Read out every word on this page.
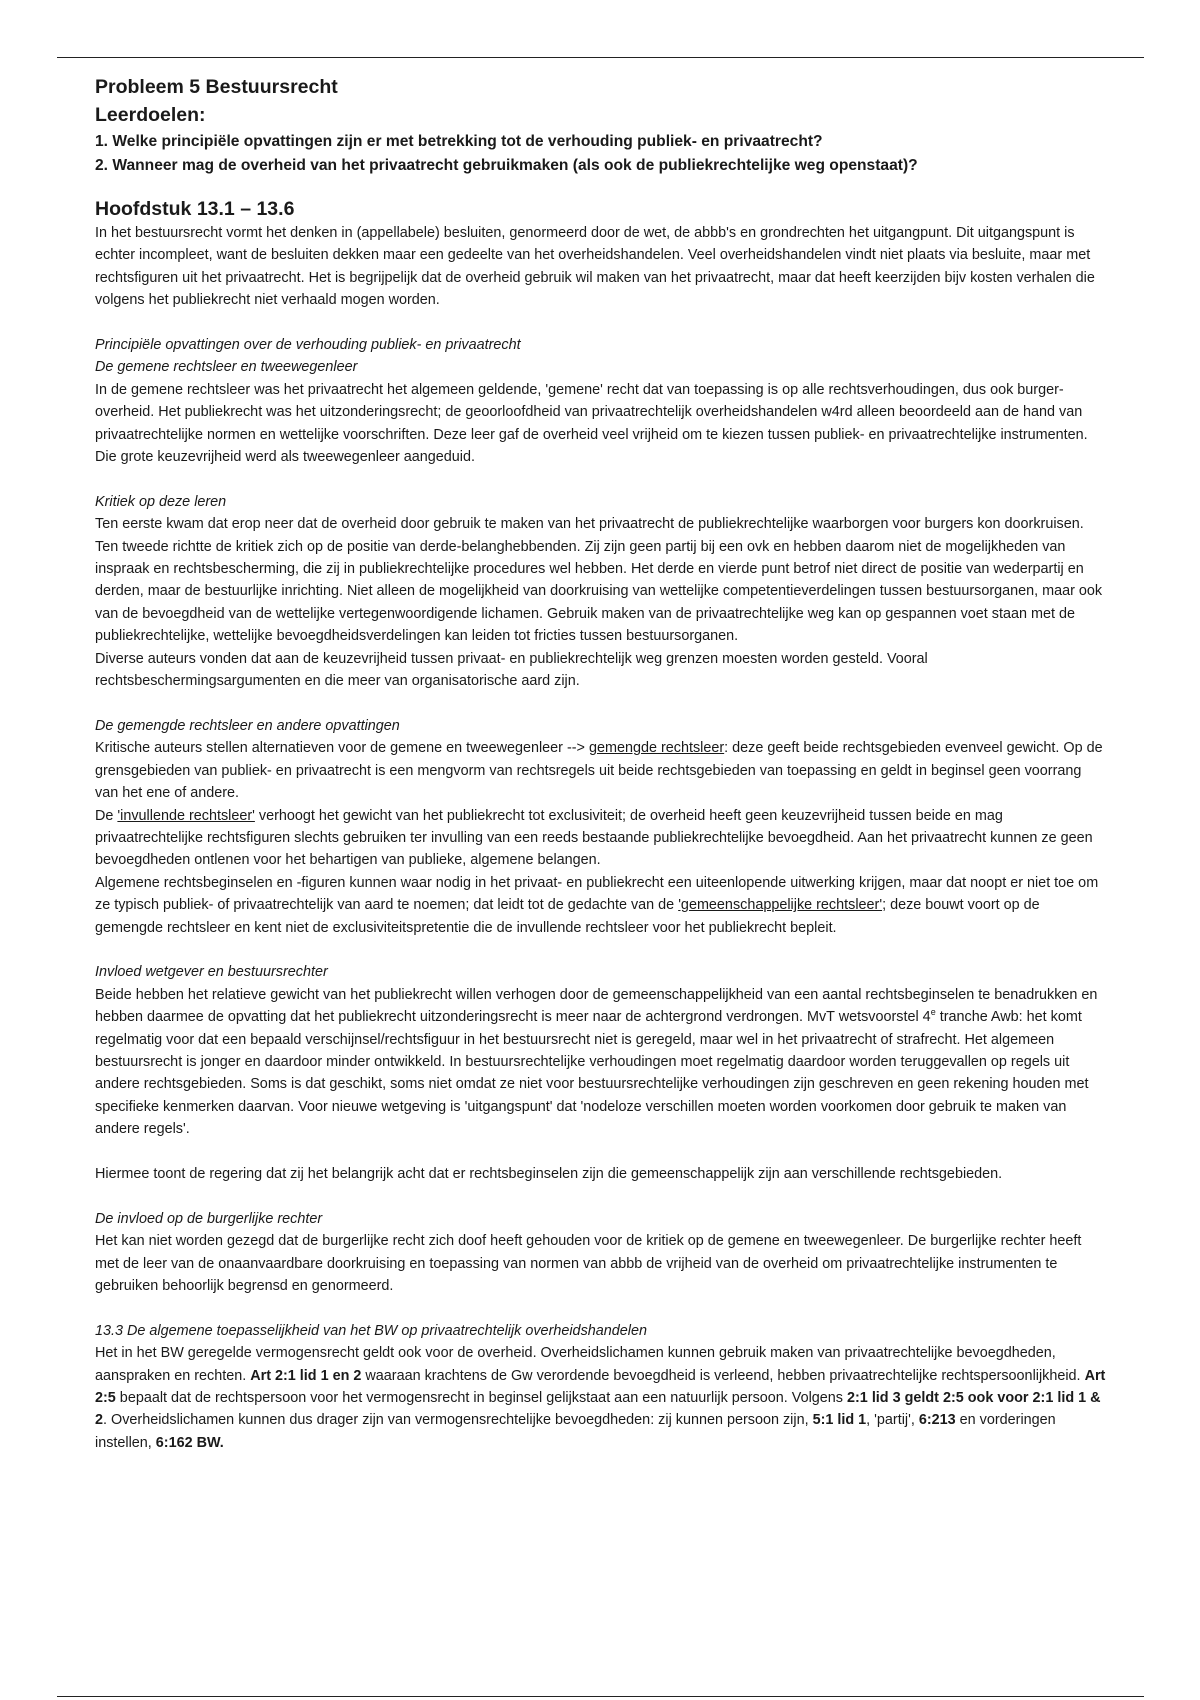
Probleem 5 Bestuursrecht
Leerdoelen:

1. Welke principiële opvattingen zijn er met betrekking tot de verhouding publiek- en privaatrecht?

2. Wanneer mag de overheid van het privaatrecht gebruikmaken (als ook de publiekrechtelijke weg openstaat)?

Hoofdstuk 13.1 – 13.6

In het bestuursrecht vormt het denken in (appellabele) besluiten, genormeerd door de wet, de abbb's en grondrechten het uitgangpunt. Dit uitgangspunt is echter incompleet, want de besluiten dekken maar een gedeelte van het overheidshandelen. Veel overheidshandelen vindt niet plaats via besluite, maar met rechtsfiguren uit het privaatrecht. Het is begrijpelijk dat de overheid gebruik wil maken van het privaatrecht, maar dat heeft keerzijden bijv kosten verhalen die volgens het publiekrecht niet verhaald mogen worden.

Principiële opvattingen over de verhouding publiek- en privaatrecht

De gemene rechtsleer en tweewegenleer

In de gemene rechtsleer was het privaatrecht het algemeen geldende, 'gemene' recht dat van toepassing is op alle rechtsverhoudingen, dus ook burger-overheid. Het publiekrecht was het uitzonderingsrecht; de geoorloofdheid van privaatrechtelijk overheidshandelen w4rd alleen beoordeeld aan de hand van privaatrechtelijke normen en wettelijke voorschriften. Deze leer gaf de overheid veel vrijheid om te kiezen tussen publiek- en privaatrechtelijke instrumenten. Die grote keuzevrijheid werd als tweewegenleer aangeduid.

Kritiek op deze leren

Ten eerste kwam dat erop neer dat de overheid door gebruik te maken van het privaatrecht de publiekrechtelijke waarborgen voor burgers kon doorkruisen. Ten tweede richtte de kritiek zich op de positie van derde-belanghebbenden. Zij zijn geen partij bij een ovk en hebben daarom niet de mogelijkheden van inspraak en rechtsbescherming, die zij in publiekrechtelijke procedures wel hebben. Het derde en vierde punt betrof niet direct de positie van wederpartij en derden, maar de bestuurlijke inrichting. Niet alleen de mogelijkheid van doorkruising van wettelijke competentieverdelingen tussen bestuursorganen, maar ook van de bevoegdheid van de wettelijke vertegenwoordigende lichamen. Gebruik maken van de privaatrechtelijke weg kan op gespannen voet staan met de publiekrechtelijke, wettelijke bevoegdheidsverdelingen kan leiden tot fricties tussen bestuursorganen.

Diverse auteurs vonden dat aan de keuzevrijheid tussen privaat- en publiekrechtelijk weg grenzen moesten worden gesteld. Vooral rechtsbeschermingsargumenten en die meer van organisatorische aard zijn.

De gemengde rechtsleer en andere opvattingen

Kritische auteurs stellen alternatieven voor de gemene en tweewegenleer --> gemengde rechtsleer: deze geeft beide rechtsgebieden evenveel gewicht. Op de grensgebieden van publiek- en privaatrecht is een mengvorm van rechtsregels uit beide rechtsgebieden van toepassing en geldt in beginsel geen voorrang van het ene of andere.

De 'invullende rechtsleer' verhoogt het gewicht van het publiekrecht tot exclusiviteit; de overheid heeft geen keuzevrijheid tussen beide en mag privaatrechtelijke rechtsfiguren slechts gebruiken ter invulling van een reeds bestaande publiekrechtelijke bevoegdheid. Aan het privaatrecht kunnen ze geen bevoegdheden ontlenen voor het behartigen van publieke, algemene belangen.

Algemene rechtsbeginselen en -figuren kunnen waar nodig in het privaat- en publiekrecht een uiteenlopende uitwerking krijgen, maar dat noopt er niet toe om ze typisch publiek- of privaatrechtelijk van aard te noemen; dat leidt tot de gedachte van de 'gemeenschappelijke rechtsleer'; deze bouwt voort op de gemengde rechtsleer en kent niet de exclusiviteitspretentie die de invullende rechtsleer voor het publiekrecht bepleit.

Invloed wetgever en bestuursrechter

Beide hebben het relatieve gewicht van het publiekrecht willen verhogen door de gemeenschappelijkheid van een aantal rechtsbeginselen te benadrukken en hebben daarmee de opvatting dat het publiekrecht uitzonderingsrecht is meer naar de achtergrond verdrongen. MvT wetsvoorstel 4e tranche Awb: het komt regelmatig voor dat een bepaald verschijnsel/rechtsfiguur in het bestuursrecht niet is geregeld, maar wel in het privaatrecht of strafrecht. Het algemeen bestuursrecht is jonger en daardoor minder ontwikkeld. In bestuursrechtelijke verhoudingen moet regelmatig daardoor worden teruggevallen op regels uit andere rechtsgebieden. Soms is dat geschikt, soms niet omdat ze niet voor bestuursrechtelijke verhoudingen zijn geschreven en geen rekening houden met specifieke kenmerken daarvan. Voor nieuwe wetgeving is 'uitgangspunt' dat 'nodeloze verschillen moeten worden voorkomen door gebruik te maken van andere regels'.

Hiermee toont de regering dat zij het belangrijk acht dat er rechtsbeginselen zijn die gemeenschappelijk zijn aan verschillende rechtsgebieden.

De invloed op de burgerlijke rechter

Het kan niet worden gezegd dat de burgerlijke recht zich doof heeft gehouden voor de kritiek op de gemene en tweewegenleer. De burgerlijke rechter heeft met de leer van de onaanvaardbare doorkruising en toepassing van normen van abbb de vrijheid van de overheid om privaatrechtelijke instrumenten te gebruiken behoorlijk begrensd en genormeerd.

13.3 De algemene toepasselijkheid van het BW op privaatrechtelijk overheidshandelen

Het in het BW geregelde vermogensrecht geldt ook voor de overheid. Overheidslichamen kunnen gebruik maken van privaatrechtelijke bevoegdheden, aanspraken en rechten. Art 2:1 lid 1 en 2 waaraan krachtens de Gw verordende bevoegdheid is verleend, hebben privaatrechtelijke rechtspersoonlijkheid. Art 2:5 bepaalt dat de rechtspersoon voor het vermogensrecht in beginsel gelijkstaat aan een natuurlijk persoon. Volgens 2:1 lid 3 geldt 2:5 ook voor 2:1 lid 1 & 2. Overheidslichamen kunnen dus drager zijn van vermogensrechtelijke bevoegdheden: zij kunnen persoon zijn, 5:1 lid 1, 'partij', 6:213 en vorderingen instellen, 6:162 BW.
